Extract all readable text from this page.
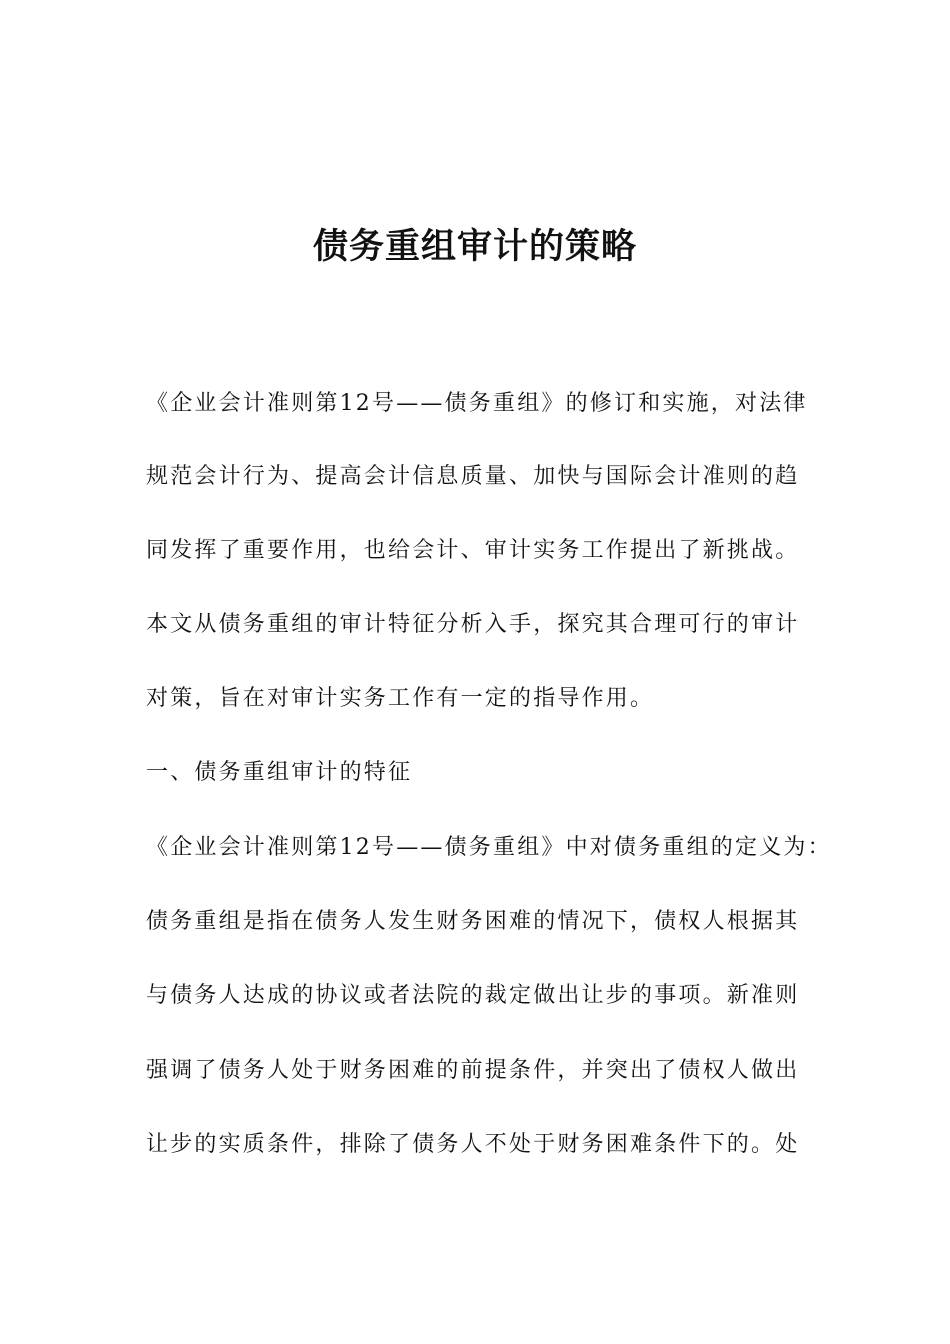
债务重组审计的策略

《企业会计准则第12号——债务重组》的修订和实施，对法律

规范会计行为、提高会计信息质量、加快与国际会计准则的趋

同发挥了重要作用，也给会计、审计实务工作提出了新挑战。

本文从债务重组的审计特征分析入手，探究其合理可行的审计

对策，旨在对审计实务工作有一定的指导作用。

一、债务重组审计的特征

《企业会计准则第12号——债务重组》中对债务重组的定义为：

债务重组是指在债务人发生财务困难的情况下，债权人根据其

与债务人达成的协议或者法院的裁定做出让步的事项。新准则

强调了债务人处于财务困难的前提条件，并突出了债权人做出

让步的实质条件，排除了债务人不处于财务困难条件下的。处
